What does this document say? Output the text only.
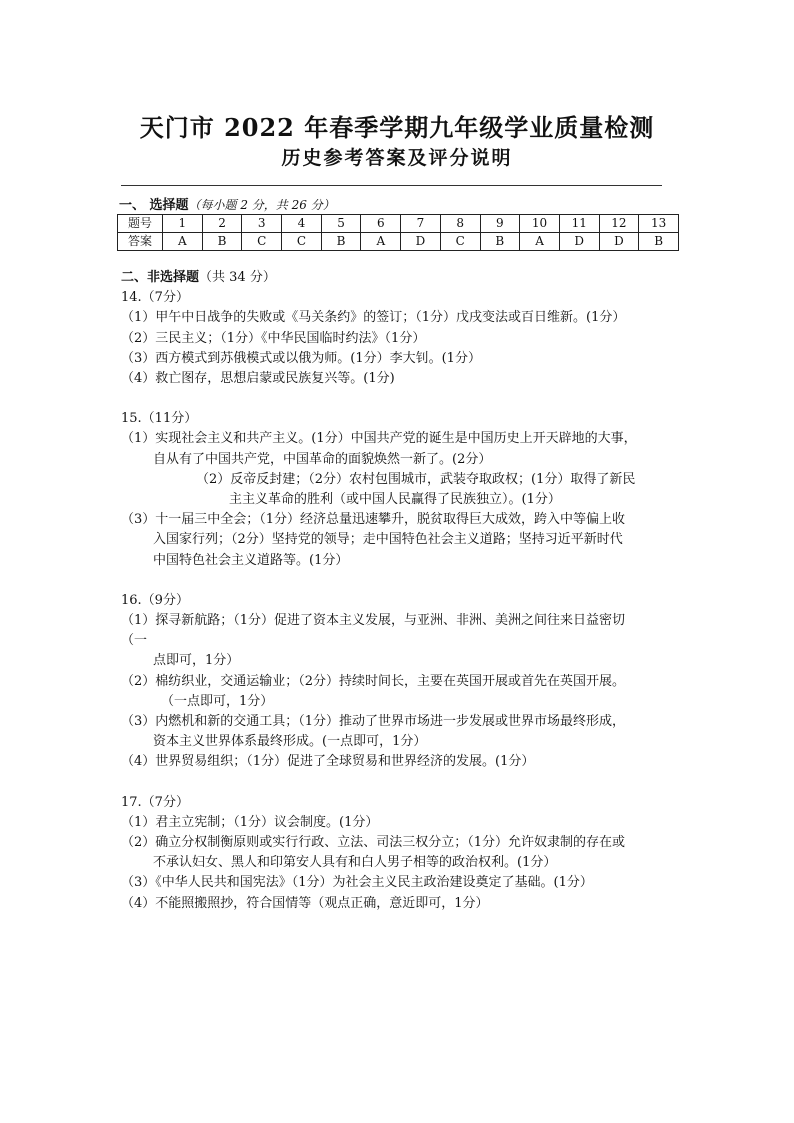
天门市 2022 年春季学期九年级学业质量检测
历史参考答案及评分说明
一、 选择题（每小题 2 分，共 26 分）
题号	1	2	3	4	5	6	7	8	9	10	11	12	13
答案	A	B	C	C	B	A	D	C	B	A	D	D	B

二、非选择题（共 34 分）

14.（7分）

（1）甲午中日战争的失败或《马关条约》的签订；（1分）戊戌变法或百日维新。(1分）

（2）三民主义；（1分）《中华民国临时约法》（1分）

（3）西方模式到苏俄模式或以俄为师。(1分）李大钊。(1分）

（4）救亡图存，思想启蒙或民族复兴等。(1分)

15.（11分）

（1）实现社会主义和共产主义。(1分）中国共产党的诞生是中国历史上开天辟地的大事，

自从有了中国共产党，中国革命的面貌焕然一新了。(2分）

（2）反帝反封建；（2分）农村包围城市，武装夺取政权；(1分）取得了新民

主主义革命的胜利（或中国人民赢得了民族独立）。(1分）

（3）十一届三中全会；（1分）经济总量迅速攀升，脱贫取得巨大成效，跨入中等偏上收

入国家行列；（2分）坚持党的领导；走中国特色社会主义道路；坚持习近平新时代

中国特色社会主义道路等。(1分）

16.（9分）

（1）探寻新航路；（1分）促进了资本主义发展，与亚洲、非洲、美洲之间往来日益密切

（一

点即可，1分）

（2）棉纺织业，交通运输业；（2分）持续时间长，主要在英国开展或首先在英国开展。

（一点即可，1分）

（3）内燃机和新的交通工具；（1分）推动了世界市场进一步发展或世界市场最终形成，

资本主义世界体系最终形成。(一点即可，1分）

（4）世界贸易组织；（1分）促进了全球贸易和世界经济的发展。(1分）

17.（7分）

（1）君主立宪制；（1分）议会制度。(1分）

（2）确立分权制衡原则或实行行政、立法、司法三权分立；（1分）允许奴隶制的存在或

不承认妇女、黑人和印第安人具有和白人男子相等的政治权利。(1分）

（3）《中华人民共和国宪法》（1分）为社会主义民主政治建设奠定了基础。(1分）

（4）不能照搬照抄，符合国情等（观点正确，意近即可，1分）
